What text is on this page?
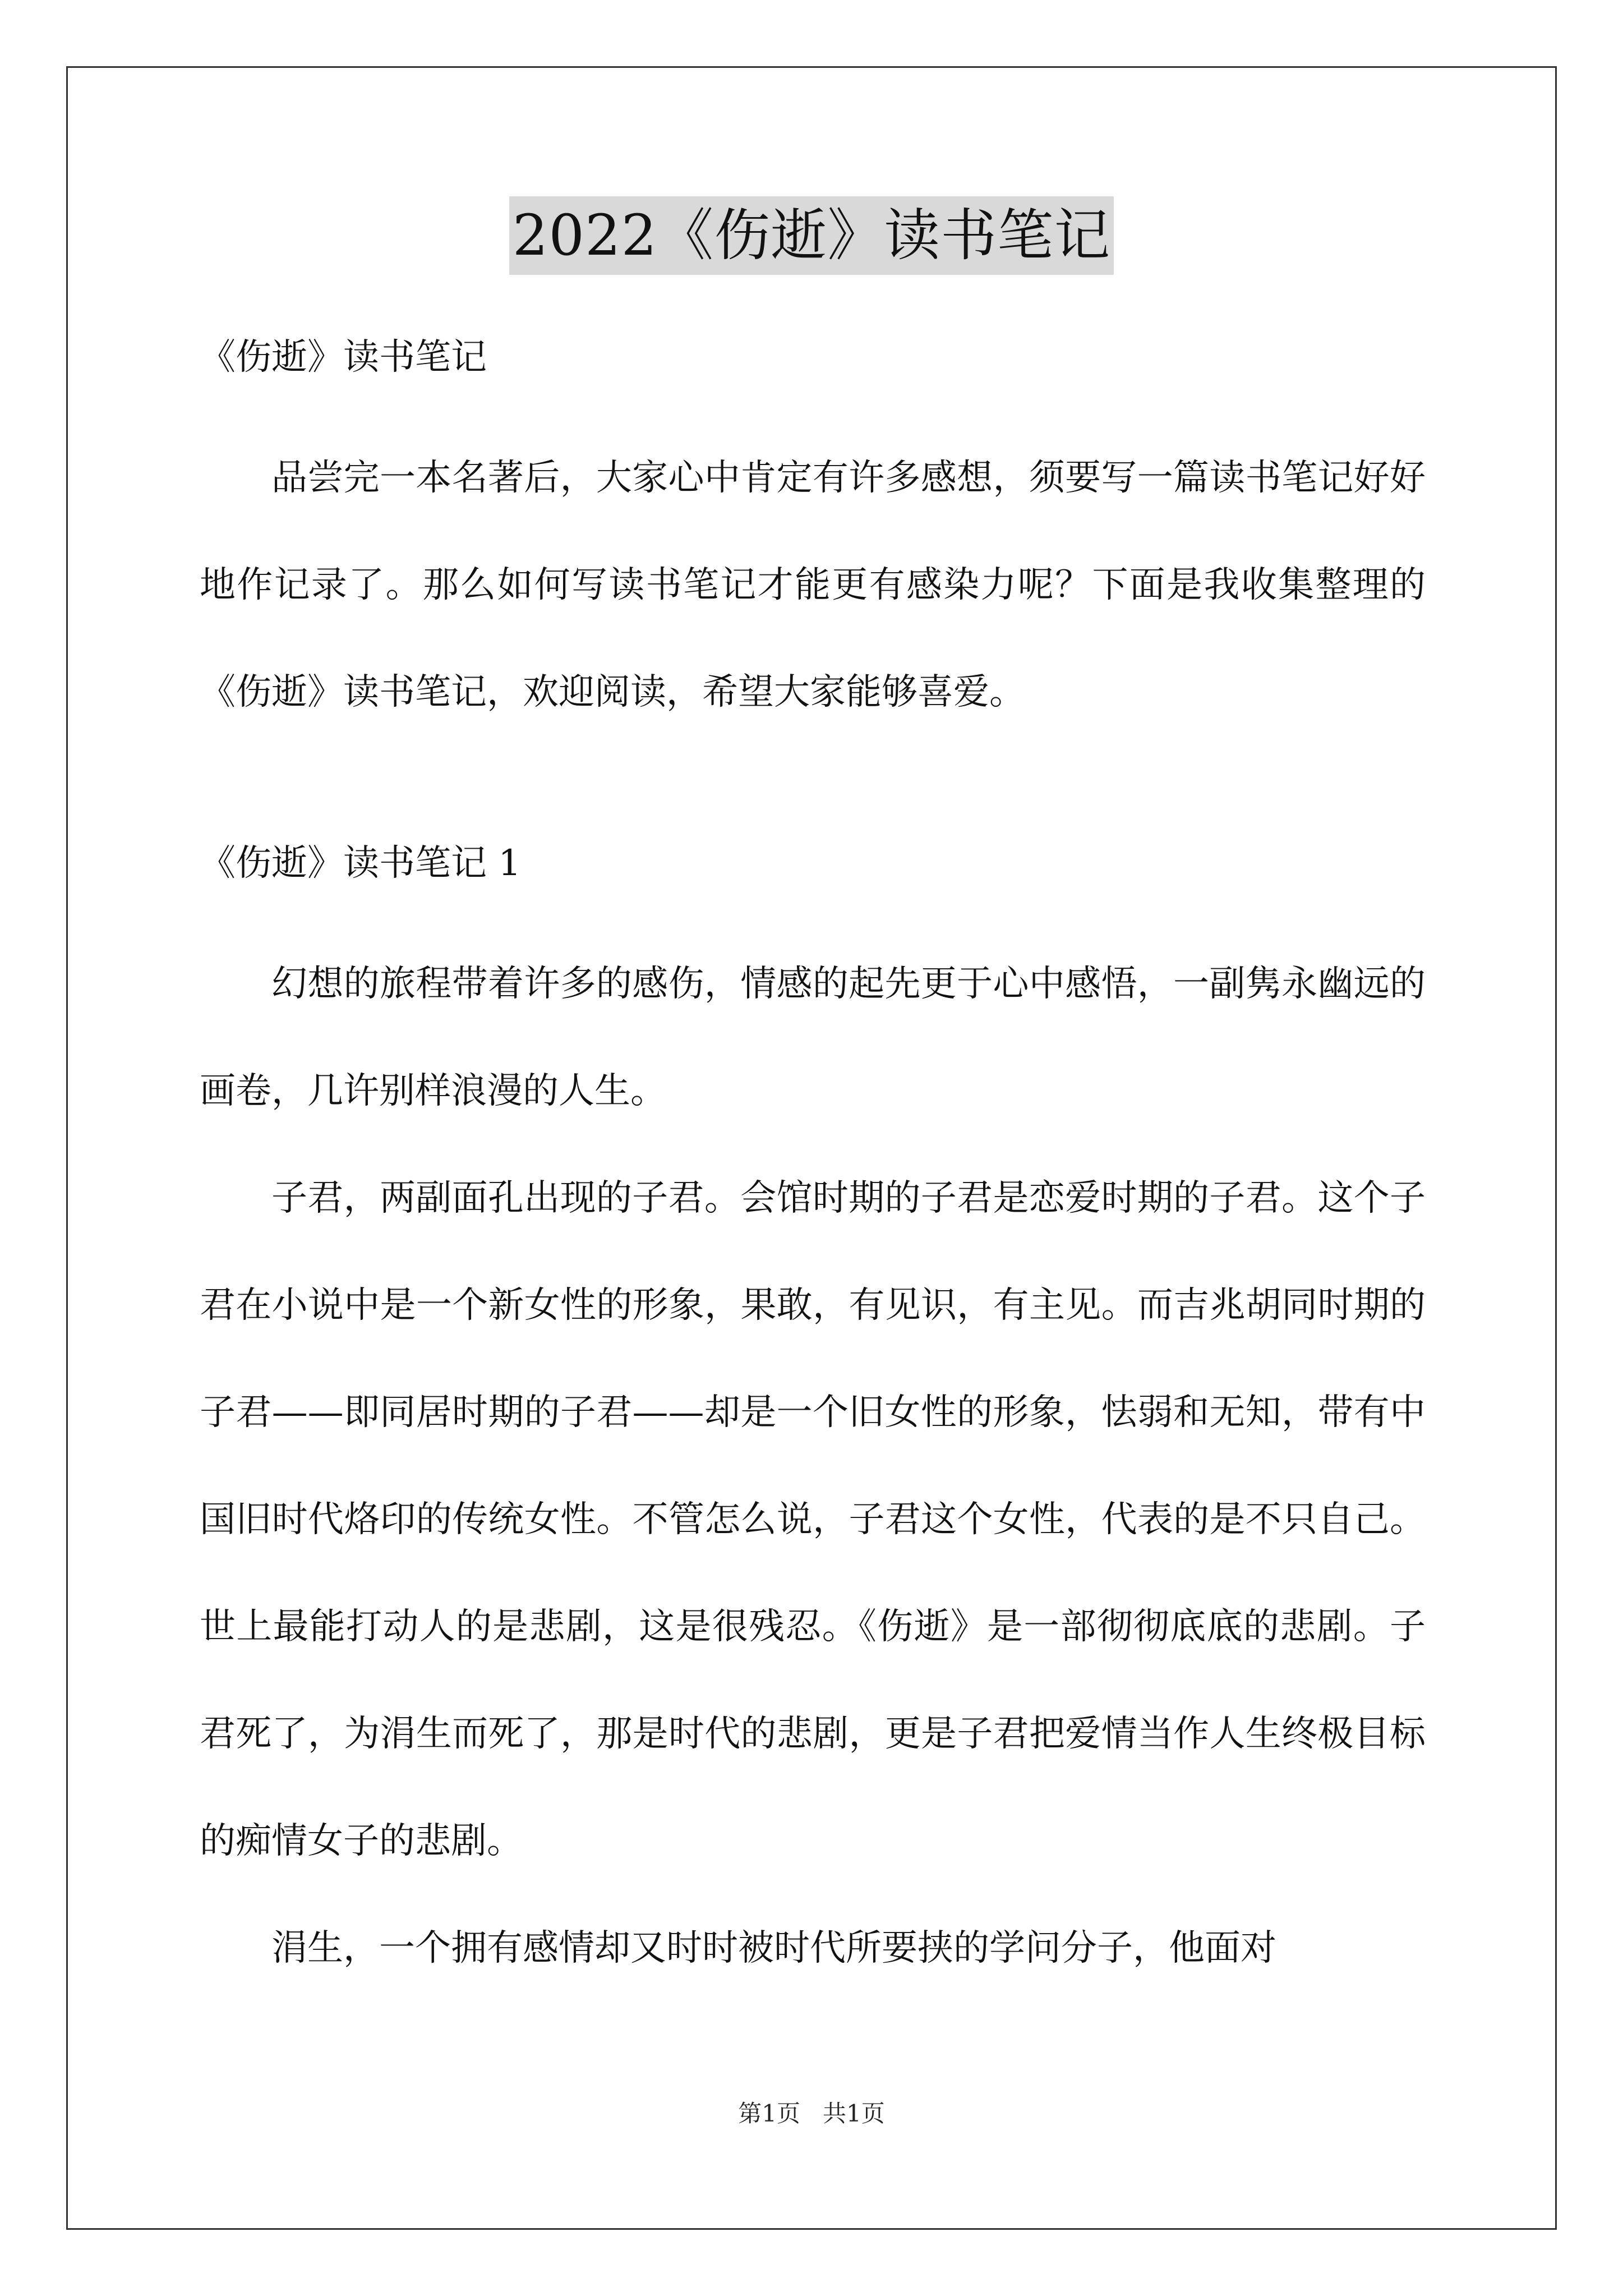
2022《伤逝》读书笔记
《伤逝》读书笔记

品尝完一本名著后，大家心中肯定有许多感想，须要写一篇读书笔记好好地作记录了。那么如何写读书笔记才能更有感染力呢？下面是我收集整理的《伤逝》读书笔记，欢迎阅读，希望大家能够喜爱。

《伤逝》读书笔记 1

幻想的旅程带着许多的感伤，情感的起先更于心中感悟，一副隽永幽远的画卷，几许别样浪漫的人生。

子君，两副面孔出现的子君。会馆时期的子君是恋爱时期的子君。这个子君在小说中是一个新女性的形象，果敢，有见识，有主见。而吉兆胡同时期的子君——即同居时期的子君——却是一个旧女性的形象，怯弱和无知，带有中国旧时代烙印的传统女性。不管怎么说，子君这个女性，代表的是不只自己。世上最能打动人的是悲剧，这是很残忍。《伤逝》是一部彻彻底底的悲剧。子君死了，为涓生而死了，那是时代的悲剧，更是子君把爱情当作人生终极目标的痴情女子的悲剧。

涓生，一个拥有感情却又时时被时代所要挟的学问分子，他面对

第1页 共1页
